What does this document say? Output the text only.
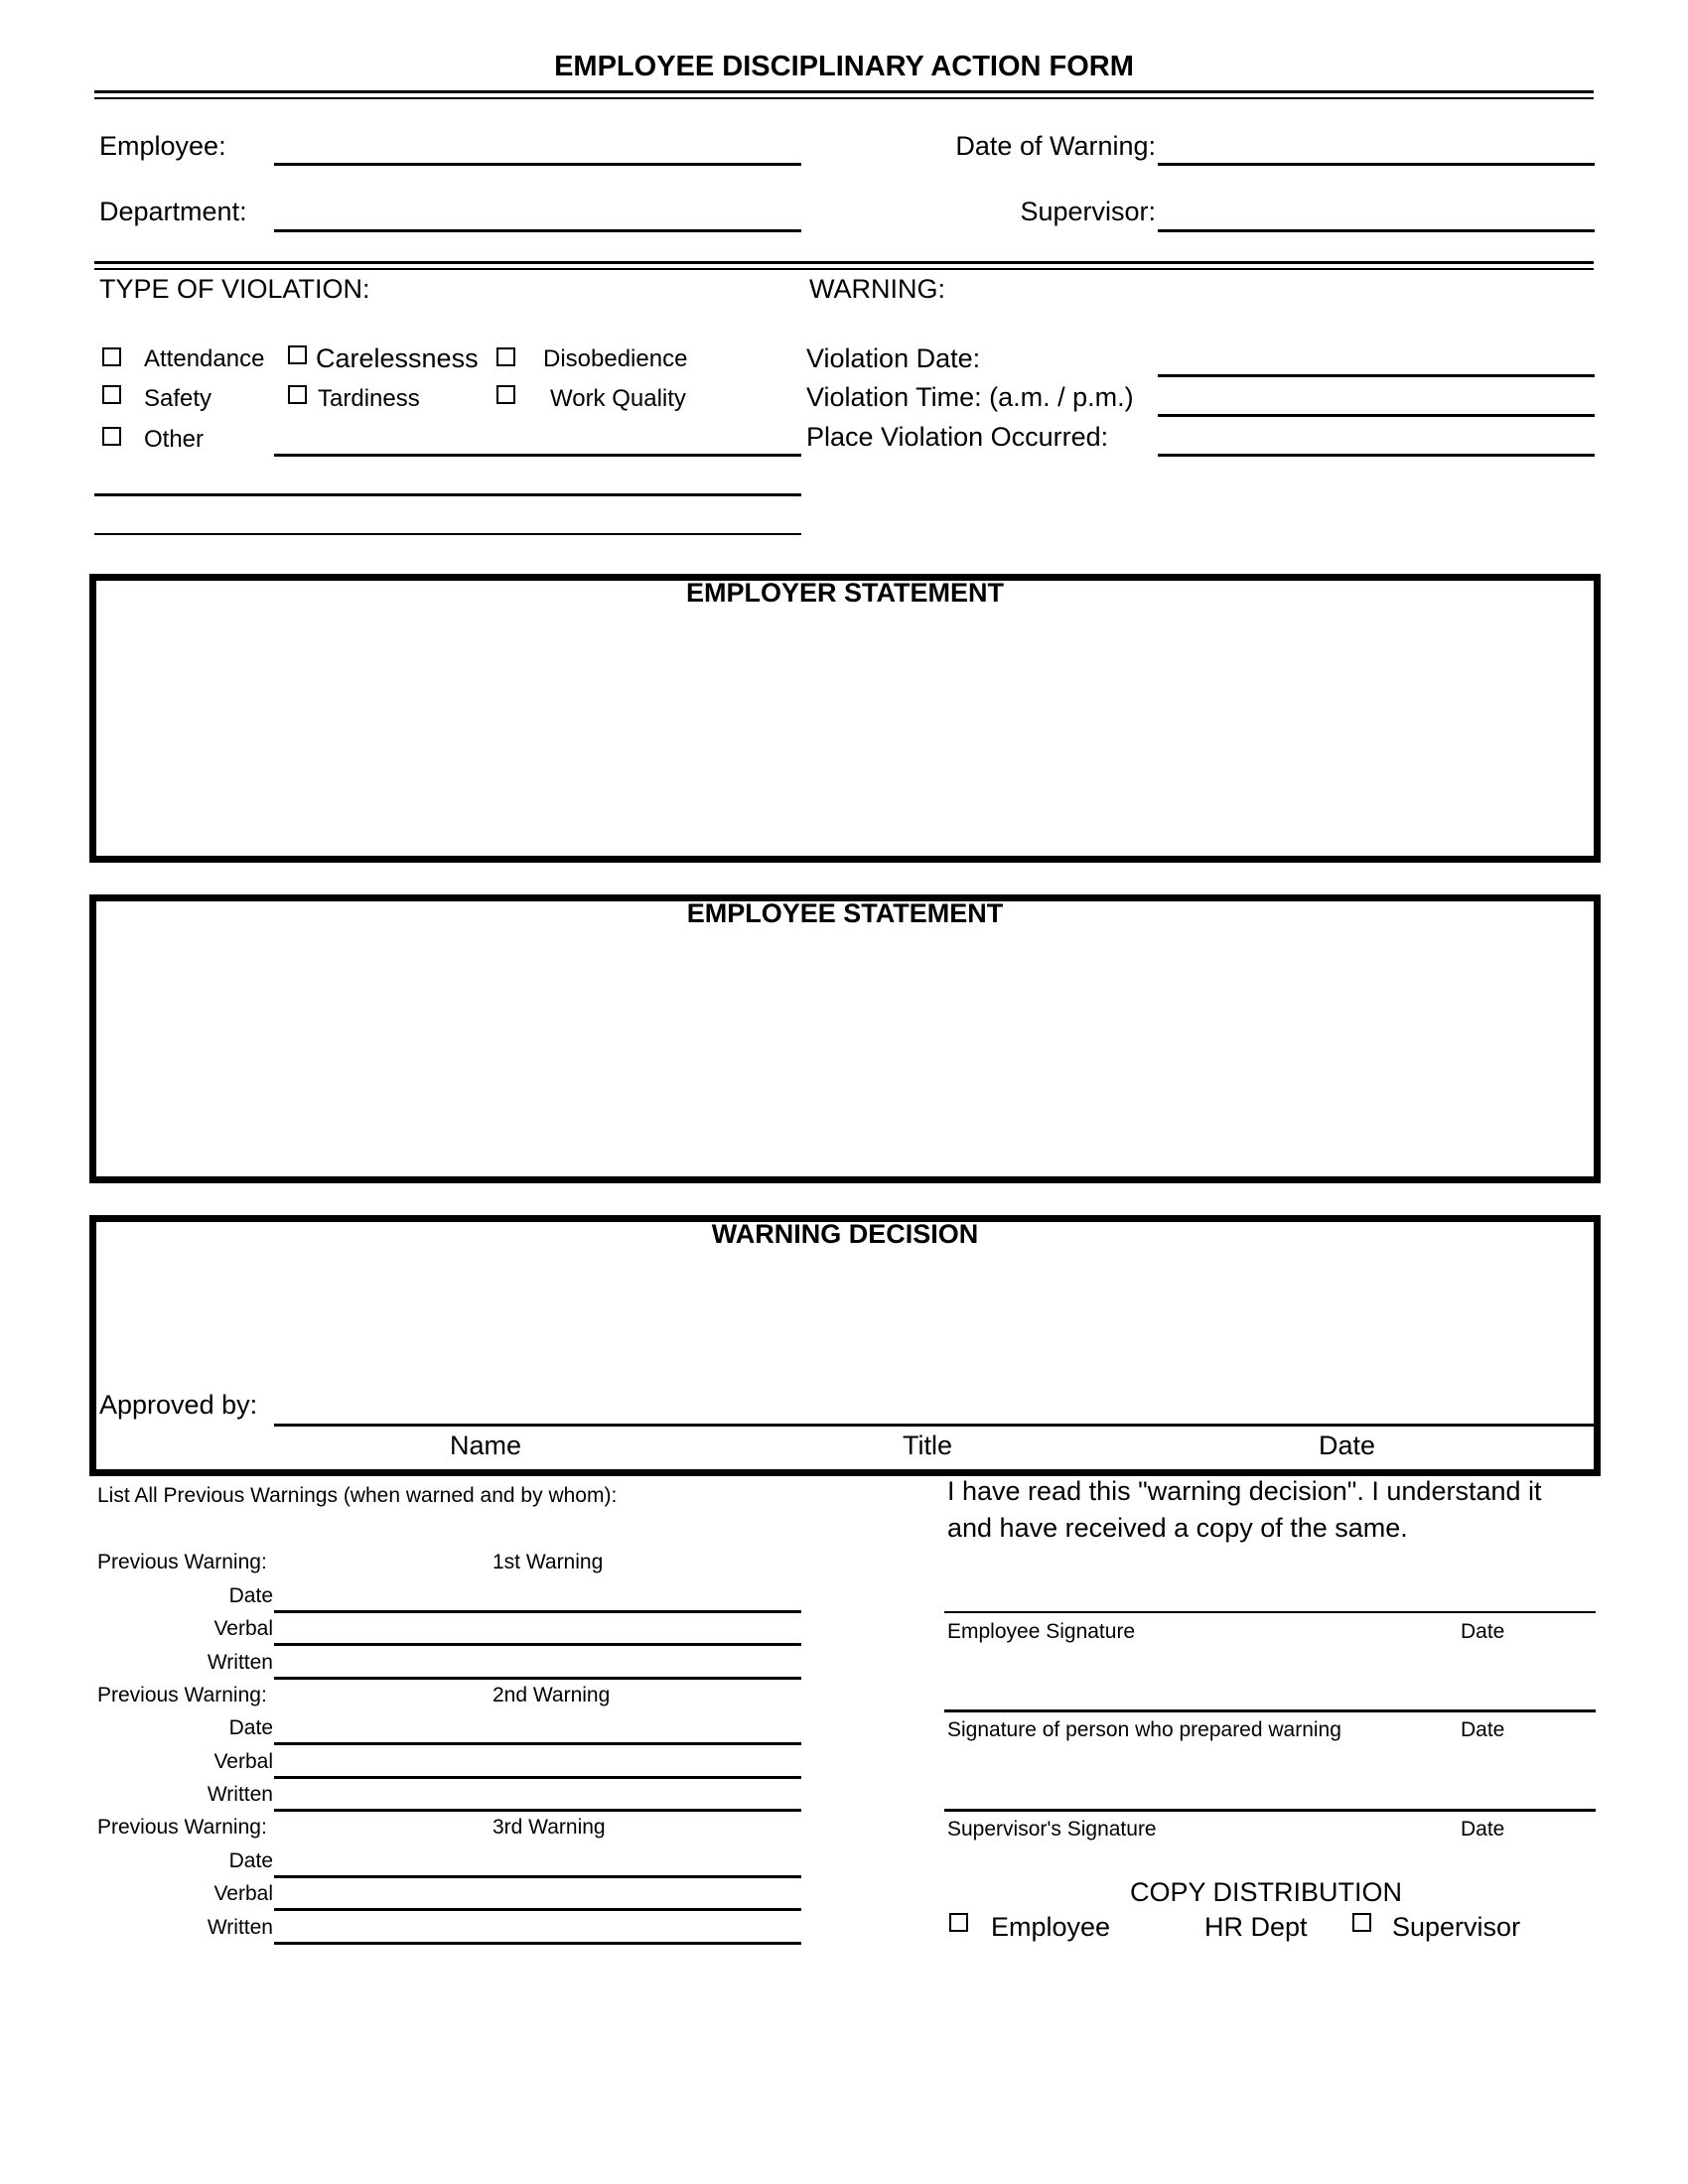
EMPLOYEE DISCIPLINARY ACTION FORM
Employee:
Department:
Date of Warning:
Supervisor:
TYPE OF VIOLATION:
Attendance Carelessness	Disobedience
Safety	Tardiness	Work Quality
Other
WARNING:
Violation Date:
Violation Time: (a.m. / p.m.)
Place Violation Occurred:
EMPLOYER STATEMENT
EMPLOYEE STATEMENT
WARNING DECISION
Approved by:
Name	Title	Date
List All Previous Warnings (when warned and by whom):
Previous Warning:	1st Warning
Date
Verbal
Written
Previous Warning:	2nd Warning
Date
Verbal
Written
Previous Warning:	3rd Warning
Date
Verbal
Written
I have read this "warning decision". I understand it
and have received a copy of the same.
Employee Signature	Date
Signature of person who prepared warning	Date
Supervisor's Signature	Date
COPY DISTRIBUTION
Employee	HR Dept	Supervisor
